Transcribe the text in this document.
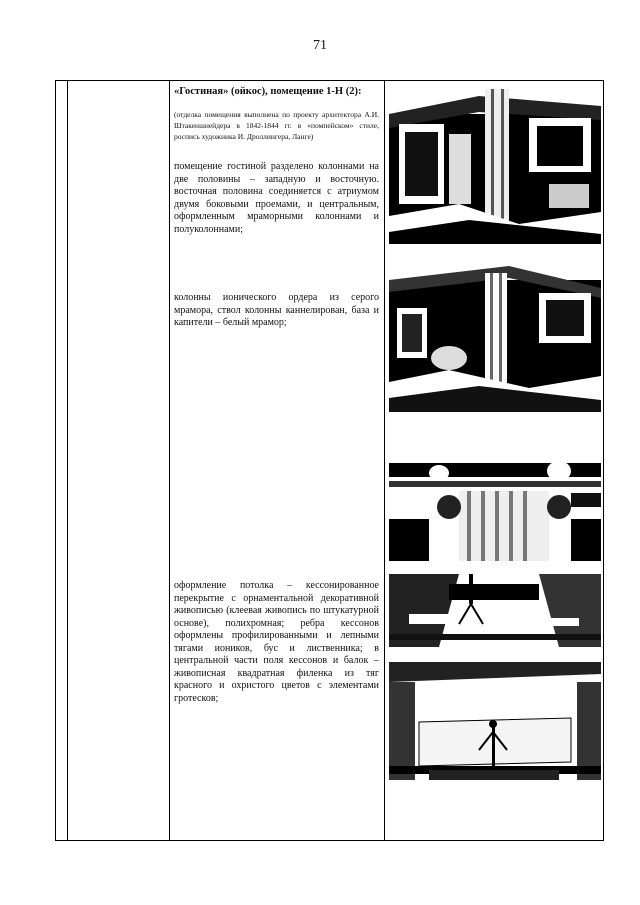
71

«Гостиная» (ойкос), помещение 1-Н (2):

(отделка помещения выполнена по проекту архитектора А.И. Штакеншнейдера в 1842-1844 гг. в «помпейском» стиле, роспись художника И. Дроллингера, Ланге)

помещение гостиной разделено колоннами на две половины – западную и восточную. восточная половина соединяется с атриумом двумя боковыми проемами, и центральным, оформленным мраморными колоннами и полуколоннами;

колонны ионического ордера из серого мрамора, ствол колонны каннелирован, база и капители – белый мрамор;

оформление потолка – кессонированное перекрытие с орнаментальной декоративной живописью (клеевая живопись по штукатурной основе), полихромная; ребра кессонов оформлены профилированными и лепными тягами иоников, бус и лиственника; в центральной части поля кессонов и балок – живописная квадратная филенка из тяг красного и охристого цветов с элементами гротесков;
